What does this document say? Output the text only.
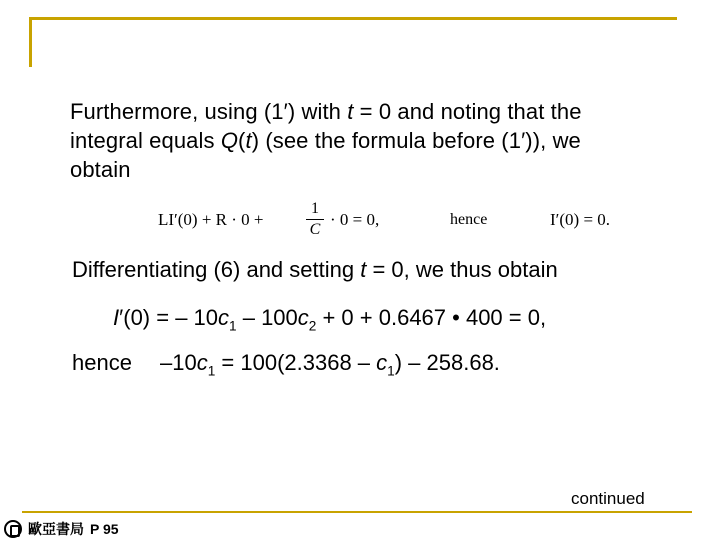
Furthermore, using (1′) with t = 0 and noting that the
integral equals Q(t) (see the formula before (1′)), we
obtain
LI′(0) + R · 0 +
1
C
· 0 = 0,	hence	I′(0) = 0.
Differentiating (6) and setting t = 0, we thus obtain
I′(0) = – $10c_1 - 100c_2 + 0 + 0.6467$ • 400 = 0,
hence $-10c_1 = 100(2.3368 - c_1) - 258.68$.
continued
歐亞書局 P 95
